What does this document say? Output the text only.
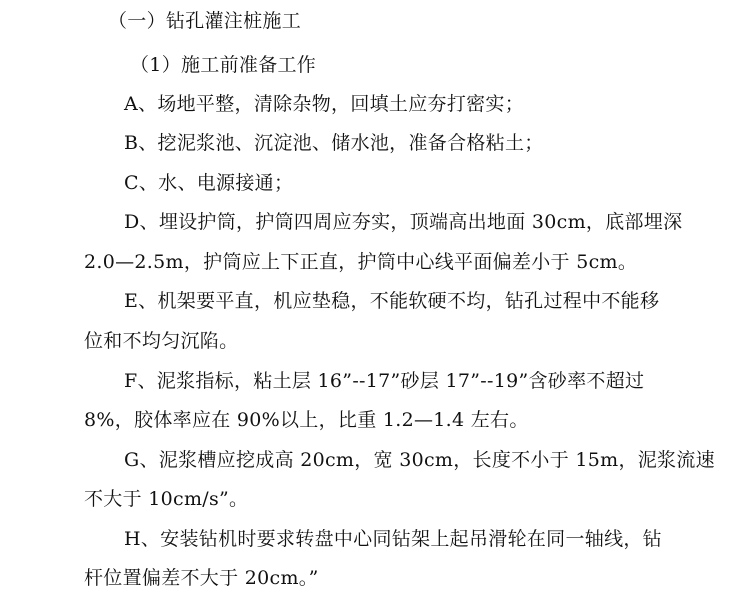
（一）钻孔灌注桩施工
（1）施工前准备工作
A、场地平整，清除杂物，回填土应夯打密实；
B、挖泥浆池、沉淀池、储水池，准备合格粘土；
C、水、电源接通；
D、埋设护筒，护筒四周应夯实，顶端高出地面 30cm，底部埋深
2.0—2.5m，护筒应上下正直，护筒中心线平面偏差小于 5cm。
E、机架要平直，机应垫稳，不能软硬不均，钻孔过程中不能移
位和不均匀沉陷。
F、泥浆指标，粘土层 16”--17”砂层 17”--19”含砂率不超过
8%，胶体率应在 90%以上，比重 1.2—1.4 左右。
G、泥浆槽应挖成高 20cm，宽 30cm，长度不小于 15m，泥浆流速
不大于 10cm/s”。
H、安装钻机时要求转盘中心同钻架上起吊滑轮在同一轴线，钻
杆位置偏差不大于 20cm。”
